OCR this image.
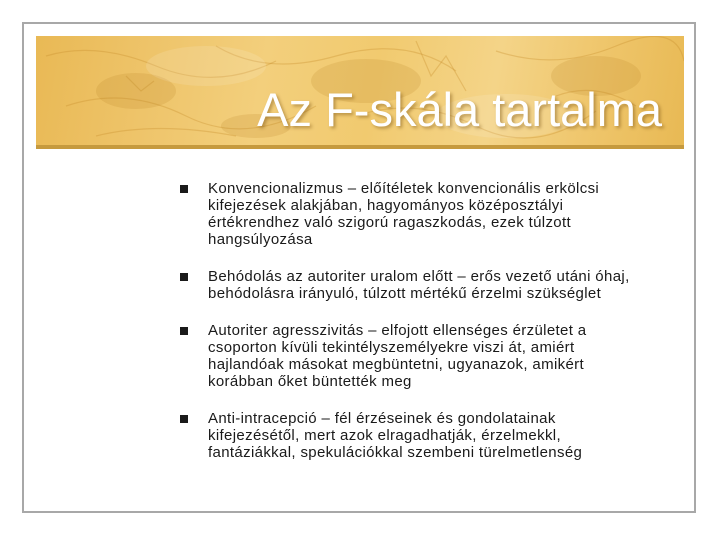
Az F-skála tartalma
Konvencionalizmus – előítéletek konvencionális erkölcsi kifejezések alakjában, hagyományos középosztályi értékrendhez való szigorú ragaszkodás, ezek túlzott hangsúlyozása
Behódolás az autoriter uralom előtt – erős vezető utáni óhaj, behódolásra irányuló, túlzott mértékű érzelmi szükséglet
Autoriter agresszivitás – elfojott ellenséges érzületet a csoporton kívüli tekintélyszemélyekre viszi át, amiért hajlandóak másokat megbüntetni, ugyanazok, amikért korábban őket büntették meg
Anti-intracepció – fél érzéseinek és gondolatainak kifejezésétől, mert azok elragadhatják, érzelmekkl, fantáziákkal, spekulációkkal szembeni türelmetlenség
